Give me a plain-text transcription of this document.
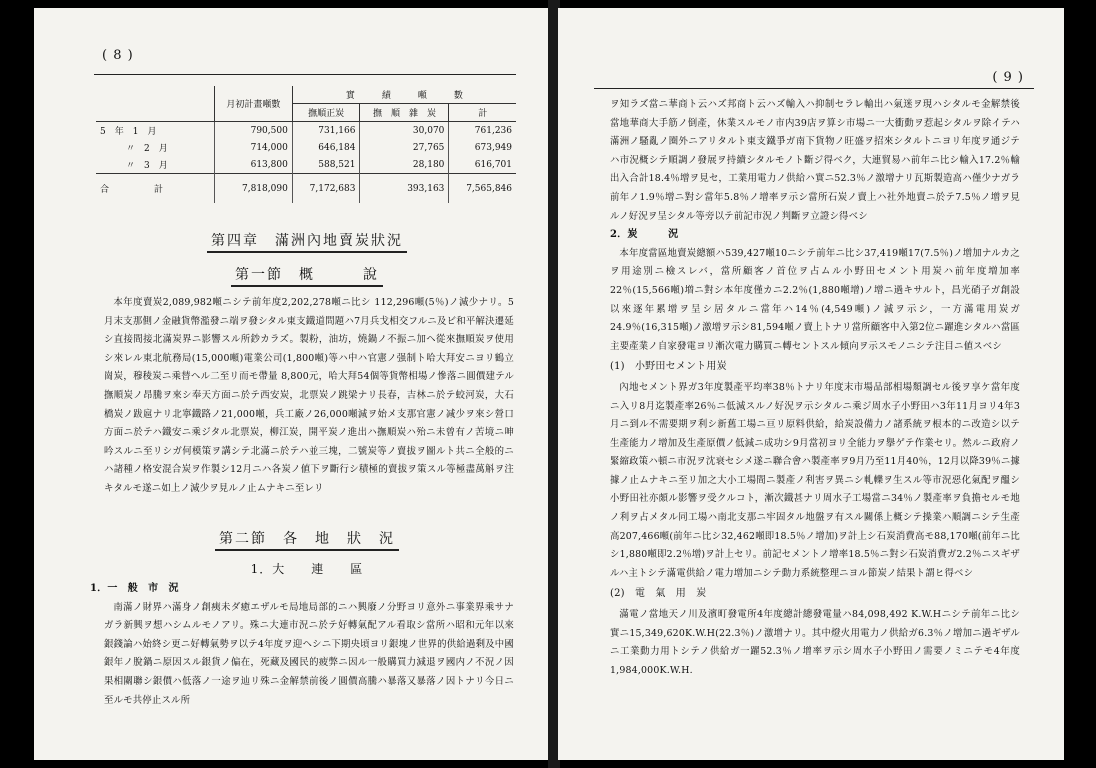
( 8 )
	月初計畫噸數	實　　　績　　　噸　　　數		
		撫順正炭	撫　順　雜　炭	計
5　年　1　月	790,500	731,166	30,070	761,236
〃　2　月	714,000	646,184	27,765	673,949
〃　3　月	613,800	588,521	28,180	616,701
合　　　　　計	7,818,090	7,172,683	393,163	7,565,846
第四章　滿洲內地賣炭狀況
第一節　概　　　說

本年度賣炭2,089,982噸ニシテ前年度2,202,278噸ニ比シ 112,296噸(5％)ノ減少ナリ。5月末支那側ノ金融貨幣濫發ニ端ヲ發シタル東支鐵道問題ハ7月兵戈相交フルニ及ビ和平解決遷延シ直接間接北滿炭界ニ影響スル所鈔カラズ。製粉，油坊，燒鍋ノ不振ニ加ヘ從來撫順炭ヲ使用シ來レル東北航務局(15,000噸)電業公司(1,800噸)等ハ中ハ官憲ノ强制ト哈大拜安ニヨリ鶴立崗炭，穆稜炭ニ乘替ヘル二至リ而モ帶量 8,800元，哈大拜54個等貨幣相場ノ慘落ニ圓價建テル撫順炭ノ昂騰ヲ來シ奉天方面ニ於テ西安炭，北票炭ノ跳梁ナリ長春，吉林ニ於テ蛟河炭，大石橋炭ノ跋扈ナリ北寧鐵路ノ21,000噸，兵工廠ノ26,000噸減ヲ始メ支那官憲ノ减少ヲ來シ營口方面ニ於テハ鐵安ニ乘ジタル北票炭，柳江炭，開平炭ノ進出ハ撫順炭ハ殆ニ未曾有ノ苦境ニ呻吟スルニ至リシガ何模策ヲ講シテ北滿ニ於テハ並三塊，二號炭等ノ賣拔ヲ圖ルト共ニ全般的ニハ諸種ノ格安混合炭ヲ作製シ12月ニハ各炭ノ値下ヲ斷行シ積極的賣拔ヲ策スル等極盡萬斛ヲ注キタルモ遂ニ如上ノ減少ヲ見ルノ止ムナキニ至レリ

第二節　各　地　狀　況
1．大　　連　　區
1．一　般　市　況

南滿ノ財界ハ滿身ノ創痍未ダ癒エザルモ局地局部的ニハ興廢ノ分野ヨリ意外ニ事業界乘サナガラ新興ヲ想ハシムルモノアリ。殊ニ大連市況ニ於テ好轉氣配アル看取シ當所ハ昭和元年以來銀錢論ハ始終シ更ニ好轉氣勢ヲ以テ4年度ヲ迎ヘシニ下期央頃ヨリ銀塊ノ世界的供給過剩及中國銀年ノ脫鍋ニ原因スル銀貨ノ偏在，死藏及國民的疲弊ニ因ル一般購買力減退ヲ國内ノ不況ノ因果相關聯シ銀價ハ低落ノ一途ヲ辿リ殊ニ金解禁前後ノ圓價高騰ハ暴落又暴落ノ因トナリ今日ニ至ルモ共停止スル所

( 9 )

ヲ知ラズ當ニ華商ト云ハズ邦商ト云ハズ輸入ハ抑制セラレ輸出ハ氣迷ヲ現ハシタルモ金解禁後當地華商大手筋ノ倒產，休業スルモノ市内39店ヲ算シ市場ニ一大衝動ヲ惹起シタルヲ除イテハ滿洲ノ騷亂ノ圈外ニアリタルト東支鐵爭ガ南下貨物ノ旺盛ヲ招來シタルトニヨリ年度ヲ通ジテハ市況概シテ順調ノ發展ヲ持續シタルモノト斷ジ得ベク，大連貿易ハ前年ニ比シ輸入17.2％輸出入合計18.4％增ヲ見セ，工業用電力ノ供給ハ實ニ52.3％ノ激增ナリ瓦斯製造高ハ僅少ナガラ前年ノ1.9％增ニ對シ當年5.8％ノ增率ヲ示シ當所石炭ノ賣上ハ社外地賣ニ於テ7.5％ノ增ヲ見ルノ好況ヲ呈シタル等旁以テ前記市況ノ判斷ヲ立證シ得ベシ

2．炭　　　況

本年度當區地賣炭總額ハ539,427噸10ニシテ前年ニ比シ37,419噸17(7.5％)ノ增加ナルカ之ヲ用途別ニ檢スレバ，當所顧客ノ首位ヲ占ムル小野田セメント用炭ハ前年度増加率22％(15,566噸)増ニ對シ本年度僅カニ2.2％(1,880噸增)ノ增ニ過キサルト，昌光硝子ガ創設以來逐年累增ヲ呈シ居タルニ當年ハ14％(4,549噸)ノ減ヲ示シ，一方滿電用炭ガ24.9％(16,315噸)ノ激增ヲ示シ81,594噸ノ賣上トナリ當所顧客中入第2位ニ躍進シタルハ當區主要產業ノ自家發電ヨリ漸次電力購買ニ轉セントスル傾向ヲ示スモノニシテ注目ニ値スベシ

(1)　小野田セメント用炭

內地セメント界ガ3年度製產平均率38％トナリ年度末市場品部相場頽調セル後ヲ享ケ當年度ニ入リ8月迄製產率26％ニ低減スルノ好況ヲ示シタルニ乘ジ周水子小野田ハ3年11月ヨリ4年3月ニ到ル不需要期ヲ利シ新舊工場ニ亘リ原料供給，給炭設備力ノ諸系統ヲ根本的ニ改造シ以テ生產能力ノ增加及生產原價ノ低減ニ成功シ9月當初ヨリ全能力ヲ擧ゲテ作業セリ。然ルニ政府ノ緊縮政策ハ頓ニ市況ヲ沈衰セシメ遂ニ聯合會ハ製產率ヲ9月乃至11月40％，12月以降39％ニ據據ノ止ムナキニ至リ加之大小工場間ニ製產ノ利害ヲ異ニシ軋轢ヲ生スル等市況惡化氣配ヲ醞シ小野田社亦頗ル影響ヲ受クルコト，漸次鐵甚ナリ周水子工場當ニ34％ノ製產率ヲ負擔セルモ地ノ利ヲ占メタル同工場ハ南北支那ニ牢固タル地盤ヲ有スル關係上概シテ操業ハ順調ニシテ生產高207,466噸(前年ニ比シ32,462噸即18.5％ノ增加)ヲ計上シ石炭消費高モ88,170噸(前年ニ比シ1,880噸即2.2％增)ヲ計上セリ。前記セメントノ增率18.5％ニ對シ石炭消費ガ2.2％ニスギザルハ主トシテ滿電供給ノ電力增加ニシテ動力系統整理ニヨル節炭ノ結果ト謂ヒ得ベシ

(2)　電　氣　用　炭

滿電ノ當地天ノ川及濱町發電所4年度總計總發電量ハ84,098,492 K.W.Hニシテ前年ニ比シ實ニ15,349,620K.W.H(22.3％)ノ激增ナリ。其中燈火用電力ノ供給ガ6.3％ノ增加ニ過ギザルニ工業動力用トシテノ供給ガ一躍52.3％ノ增率ヲ示シ周水子小野田ノ需要ノミニテモ4年度1,984,000K.W.H.
